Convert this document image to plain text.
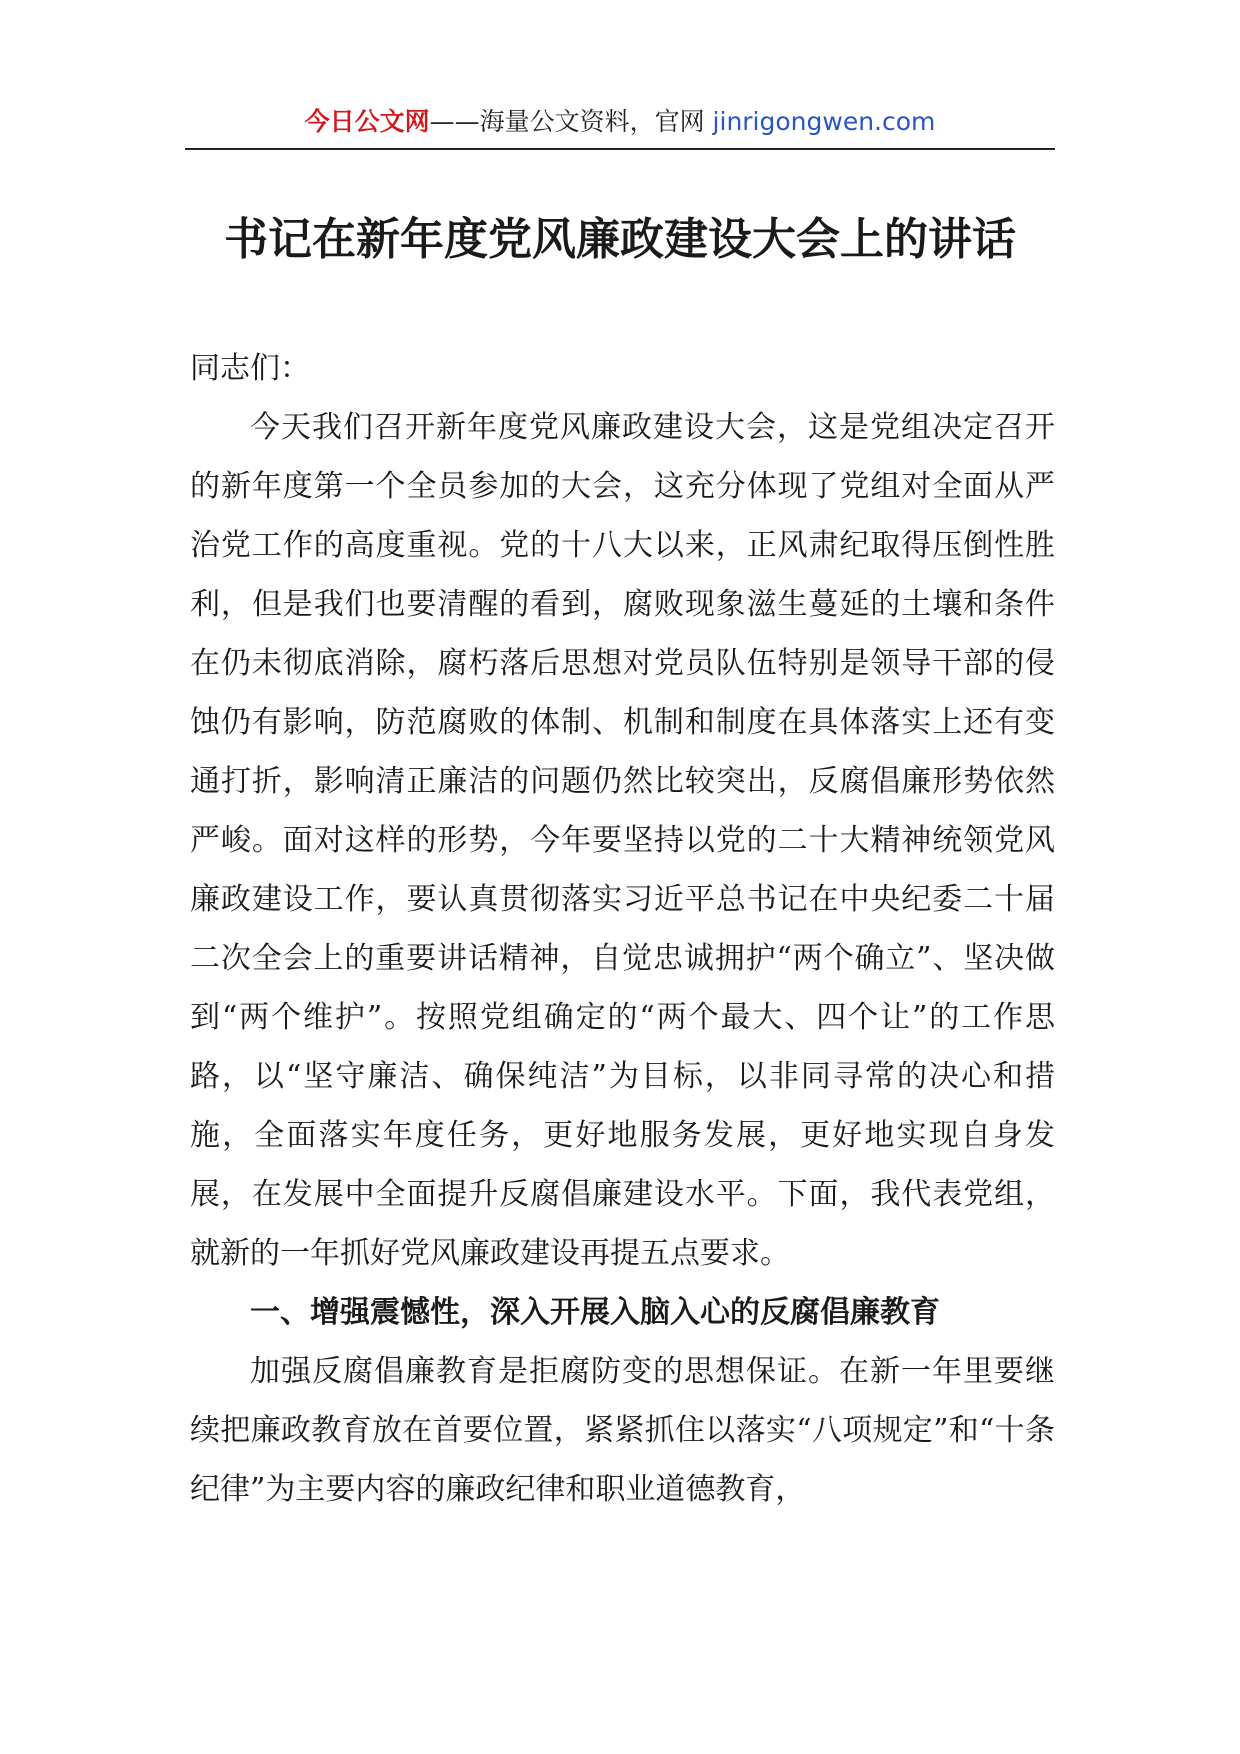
今日公文网——海量公文资料，官网 jinrigongwen.com
书记在新年度党风廉政建设大会上的讲话

同志们：

今天我们召开新年度党风廉政建设大会，这是党组决定召开的新年度第一个全员参加的大会，这充分体现了党组对全面从严治党工作的高度重视。党的十八大以来，正风肃纪取得压倒性胜利，但是我们也要清醒的看到，腐败现象滋生蔓延的土壤和条件在仍未彻底消除，腐朽落后思想对党员队伍特别是领导干部的侵蚀仍有影响，防范腐败的体制、机制和制度在具体落实上还有变通打折，影响清正廉洁的问题仍然比较突出，反腐倡廉形势依然严峻。面对这样的形势，今年要坚持以党的二十大精神统领党风廉政建设工作，要认真贯彻落实习近平总书记在中央纪委二十届二次全会上的重要讲话精神，自觉忠诚拥护“两个确立”、坚决做到“两个维护”。按照党组确定的“两个最大、四个让”的工作思路，以“坚守廉洁、确保纯洁”为目标，以非同寻常的决心和措施，全面落实年度任务，更好地服务发展，更好地实现自身发展，在发展中全面提升反腐倡廉建设水平。下面，我代表党组，就新的一年抓好党风廉政建设再提五点要求。

一、增强震憾性，深入开展入脑入心的反腐倡廉教育

加强反腐倡廉教育是拒腐防变的思想保证。在新一年里要继续把廉政教育放在首要位置，紧紧抓住以落实“八项规定”和“十条纪律”为主要内容的廉政纪律和职业道德教育，
